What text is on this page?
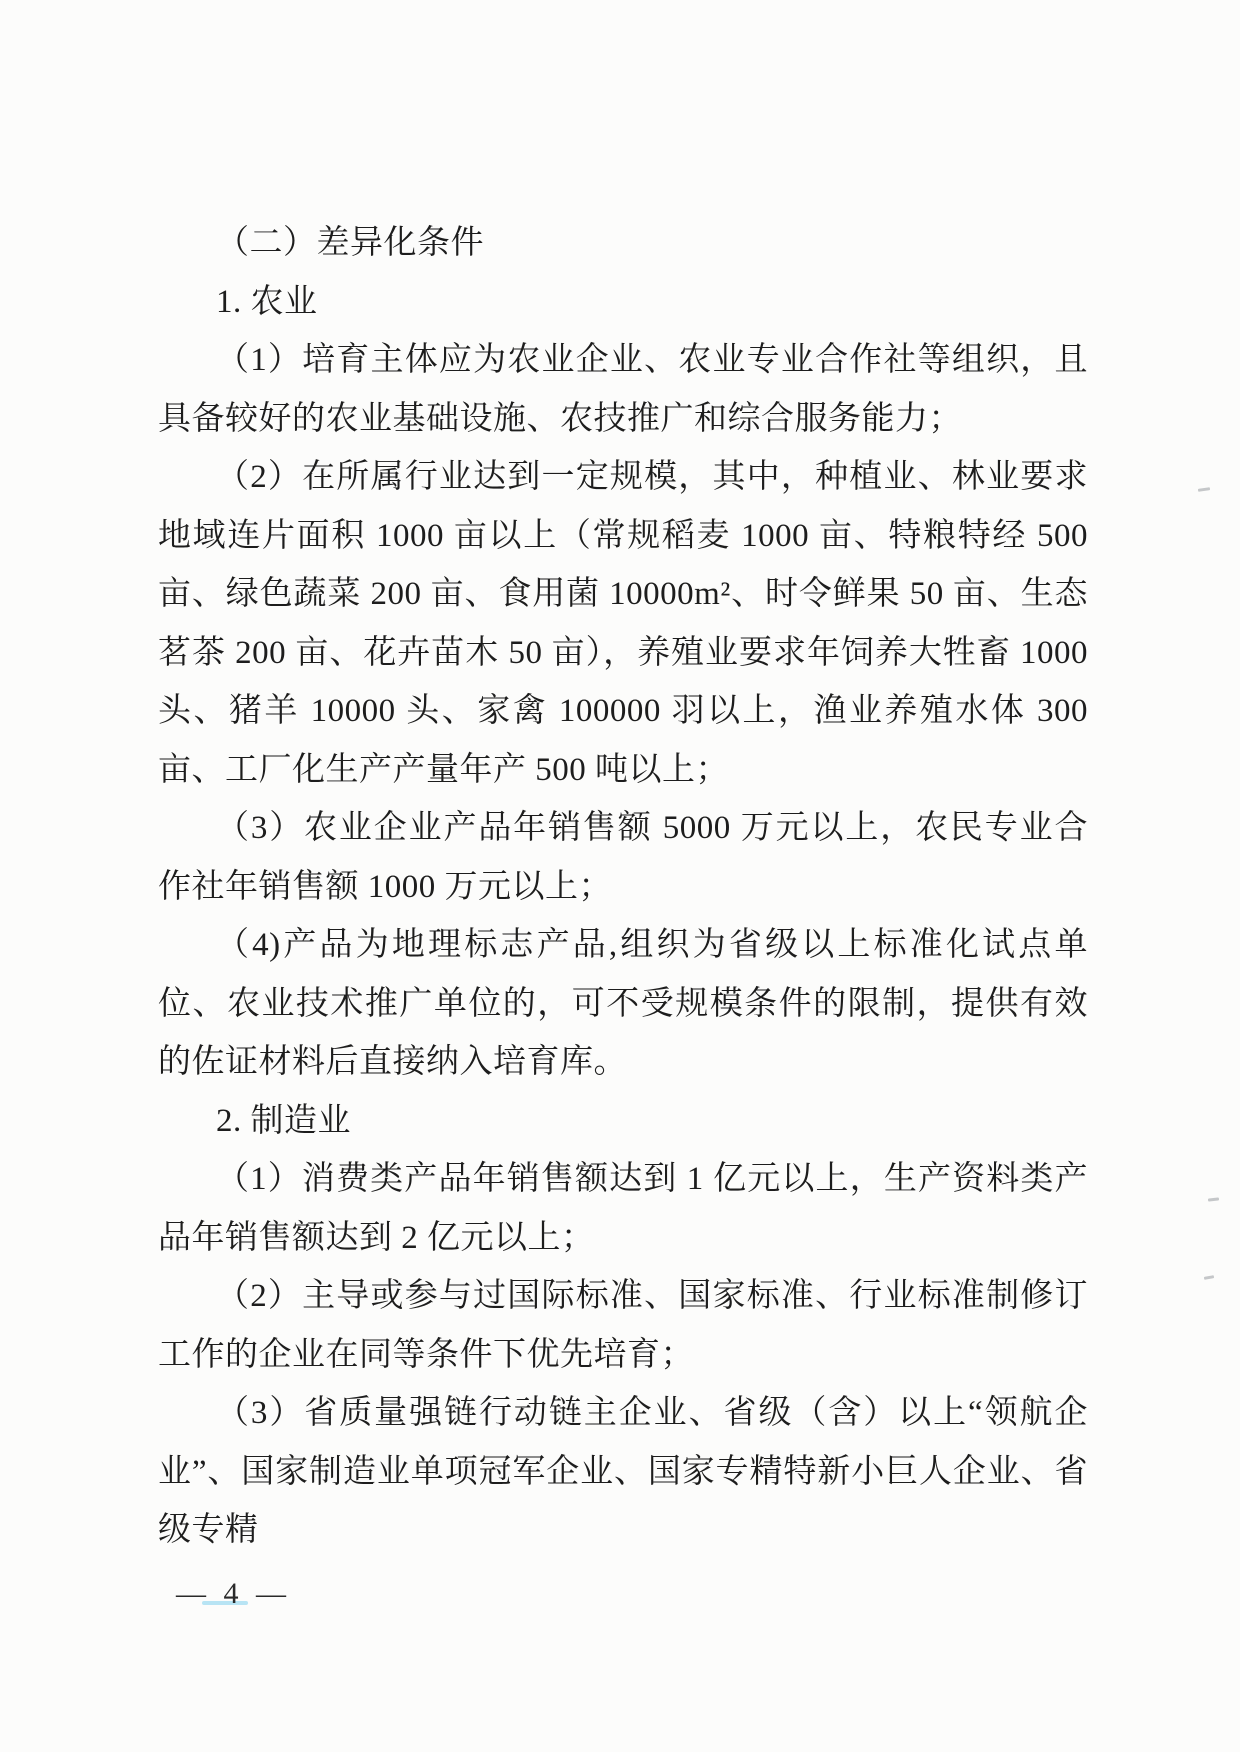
（二）差异化条件
1. 农业

（1）培育主体应为农业企业、农业专业合作社等组织，且具备较好的农业基础设施、农技推广和综合服务能力；

（2）在所属行业达到一定规模，其中，种植业、林业要求地域连片面积 1000 亩以上（常规稻麦 1000 亩、特粮特经 500 亩、绿色蔬菜 200 亩、食用菌 10000m²、时令鲜果 50 亩、生态茗茶 200 亩、花卉苗木 50 亩），养殖业要求年饲养大牲畜 1000 头、猪羊 10000 头、家禽 100000 羽以上，渔业养殖水体 300 亩、工厂化生产产量年产 500 吨以上；

（3）农业企业产品年销售额 5000 万元以上，农民专业合作社年销售额 1000 万元以上；

（4)产品为地理标志产品,组织为省级以上标准化试点单位、农业技术推广单位的，可不受规模条件的限制，提供有效的佐证材料后直接纳入培育库。

2. 制造业

（1）消费类产品年销售额达到 1 亿元以上，生产资料类产品年销售额达到 2 亿元以上；

（2）主导或参与过国际标准、国家标准、行业标准制修订工作的企业在同等条件下优先培育；

（3）省质量强链行动链主企业、省级（含）以上“领航企业”、国家制造业单项冠军企业、国家专精特新小巨人企业、省级专精

— 4 —
